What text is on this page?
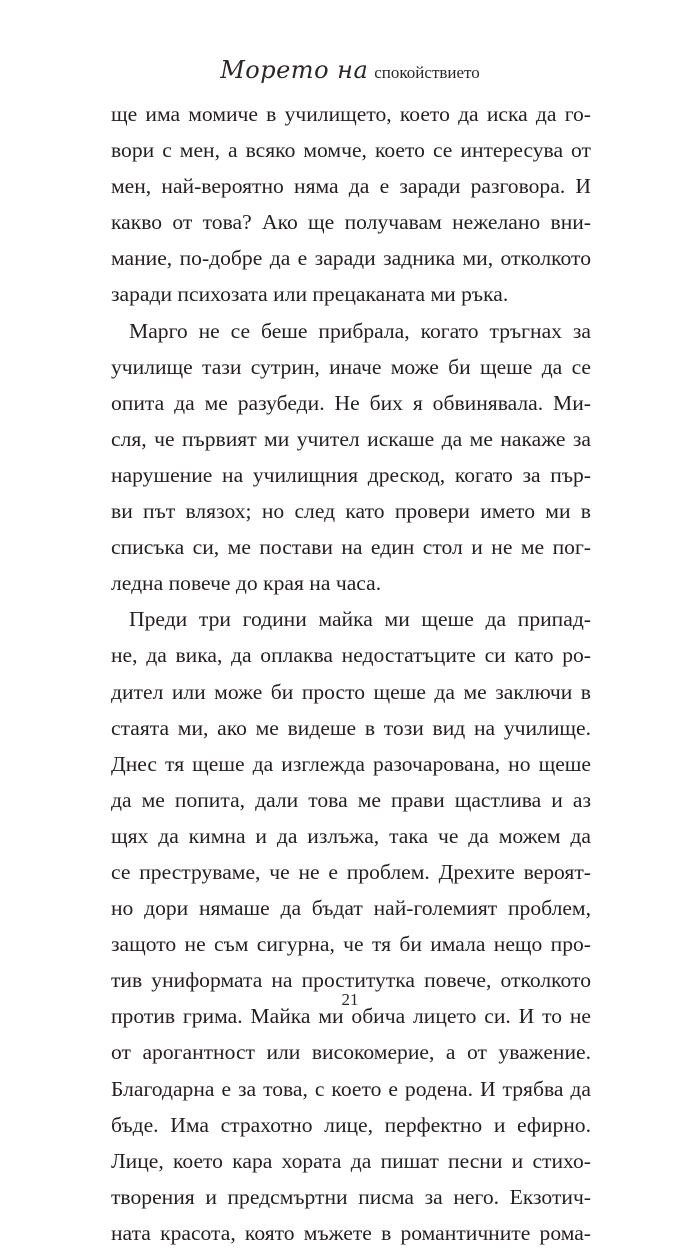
Морето на спокойствието
ще има момиче в училището, което да иска да го-
вори с мен, а всяко момче, което се интересува от
мен, най-вероятно няма да е заради разговора. И
какво от това? Ако ще получавам нежелано вни-
мание, по-добре да е заради задника ми, отколкото
заради психозата или прецаканата ми ръка.
Марго не се беше прибрала, когато тръгнах за
училище тази сутрин, иначе може би щеше да се
опита да ме разубеди. Не бих я обвинявала. Ми-
сля, че първият ми учител искаше да ме накаже за
нарушение на училищния дрескод, когато за пър-
ви път влязох; но след като провери името ми в
списъка си, ме постави на един стол и не ме пог-
ледна повече до края на часа.
Преди три години майка ми щеше да припад-
не, да вика, да оплаква недостатъците си като ро-
дител или може би просто щеше да ме заключи в
стаята ми, ако ме видеше в този вид на училище.
Днес тя щеше да изглежда разочарована, но щеше
да ме попита, дали това ме прави щастлива и аз
щях да кимна и да излъжа, така че да можем да
се преструваме, че не е проблем. Дрехите вероят-
но дори нямаше да бъдат най-големият проблем,
защото не съм сигурна, че тя би имала нещо про-
тив униформата на проститутка повече, отколкото
против грима. Майка ми обича лицето си. И то не
от арогантност или високомерие, а от уважение.
Благодарна е за това, с което е родена. И трябва да
бъде. Има страхотно лице, перфектно и ефирно.
Лице, което кара хората да пишат песни и стихо-
творения и предсмъртни писма за него. Екзотич-
ната красота, която мъжете в романтичните рома-
21
